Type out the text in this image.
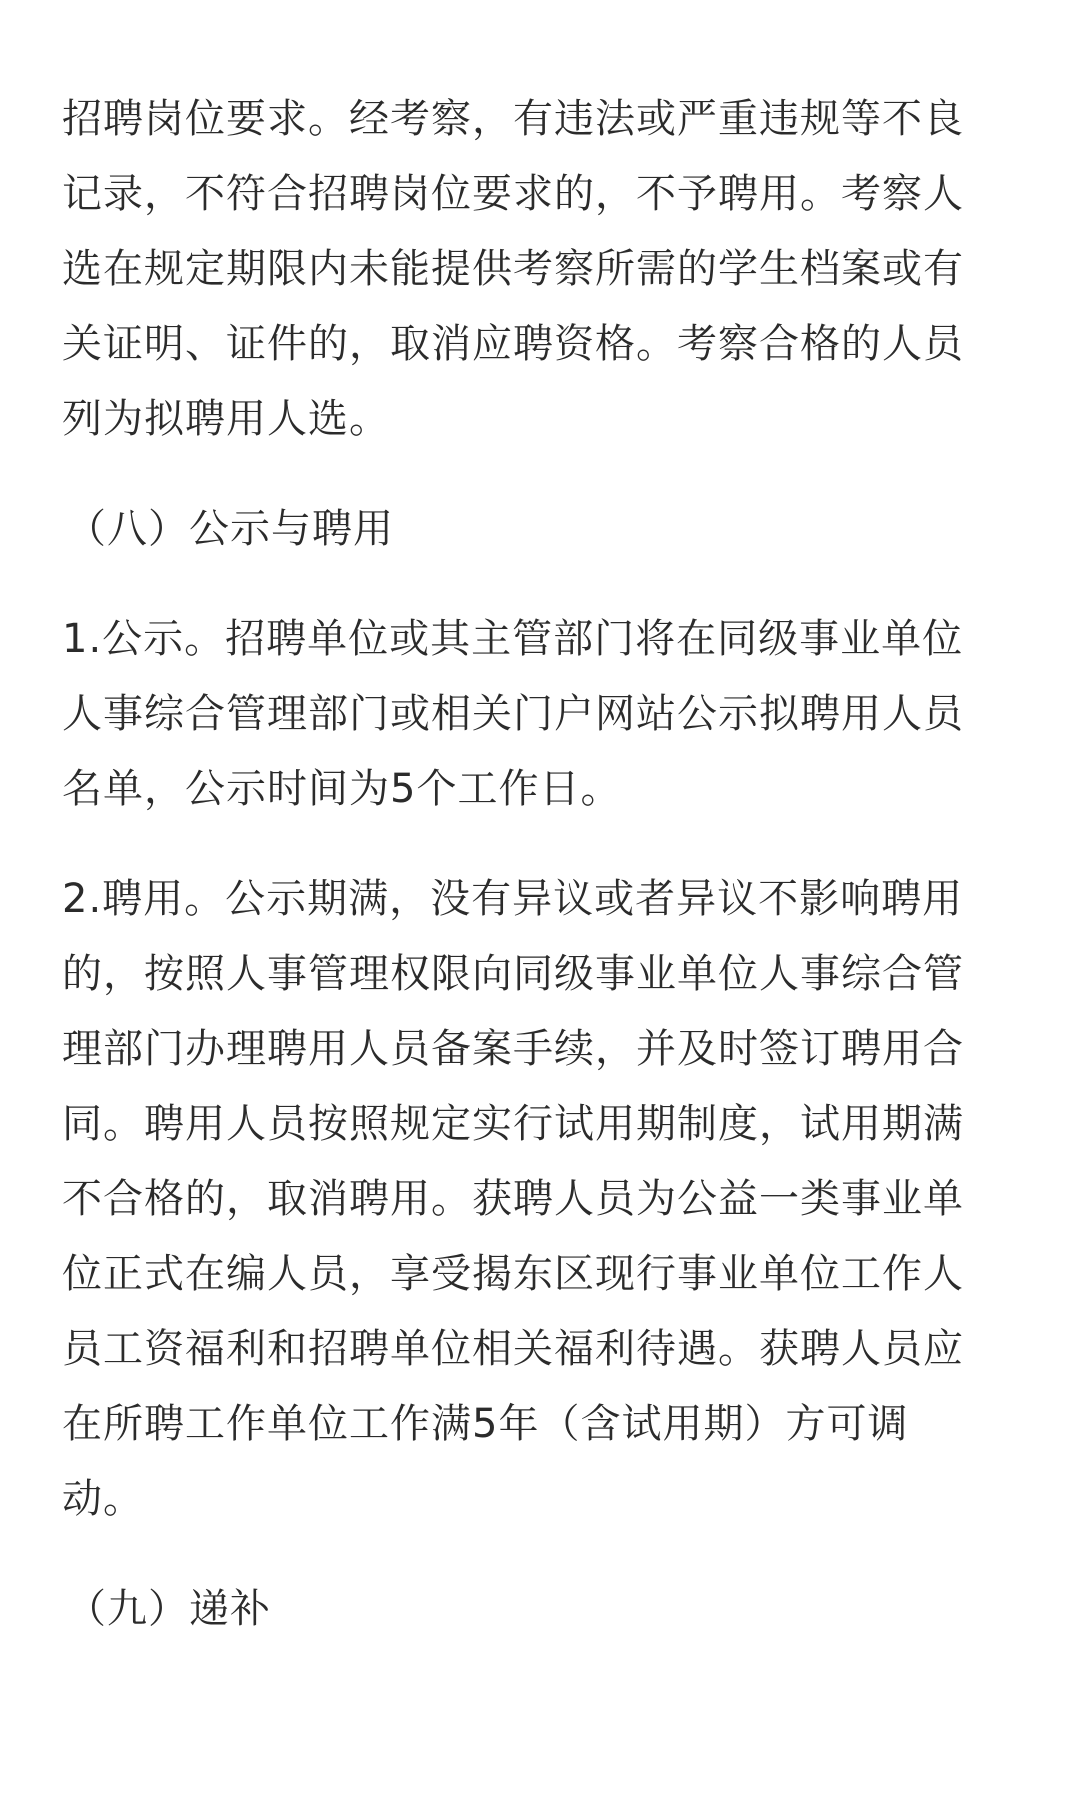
招聘岗位要求。经考察，有违法或严重违规等不良
记录，不符合招聘岗位要求的，不予聘用。考察人
选在规定期限内未能提供考察所需的学生档案或有
关证明、证件的，取消应聘资格。考察合格的人员
列为拟聘用人选。

（八）公示与聘用

1.公示。招聘单位或其主管部门将在同级事业单位
人事综合管理部门或相关门户网站公示拟聘用人员
名单，公示时间为5个工作日。

2.聘用。公示期满，没有异议或者异议不影响聘用
的，按照人事管理权限向同级事业单位人事综合管
理部门办理聘用人员备案手续，并及时签订聘用合
同。聘用人员按照规定实行试用期制度，试用期满
不合格的，取消聘用。获聘人员为公益一类事业单
位正式在编人员，享受揭东区现行事业单位工作人
员工资福利和招聘单位相关福利待遇。获聘人员应
在所聘工作单位工作满5年（含试用期）方可调
动。

（九）递补
